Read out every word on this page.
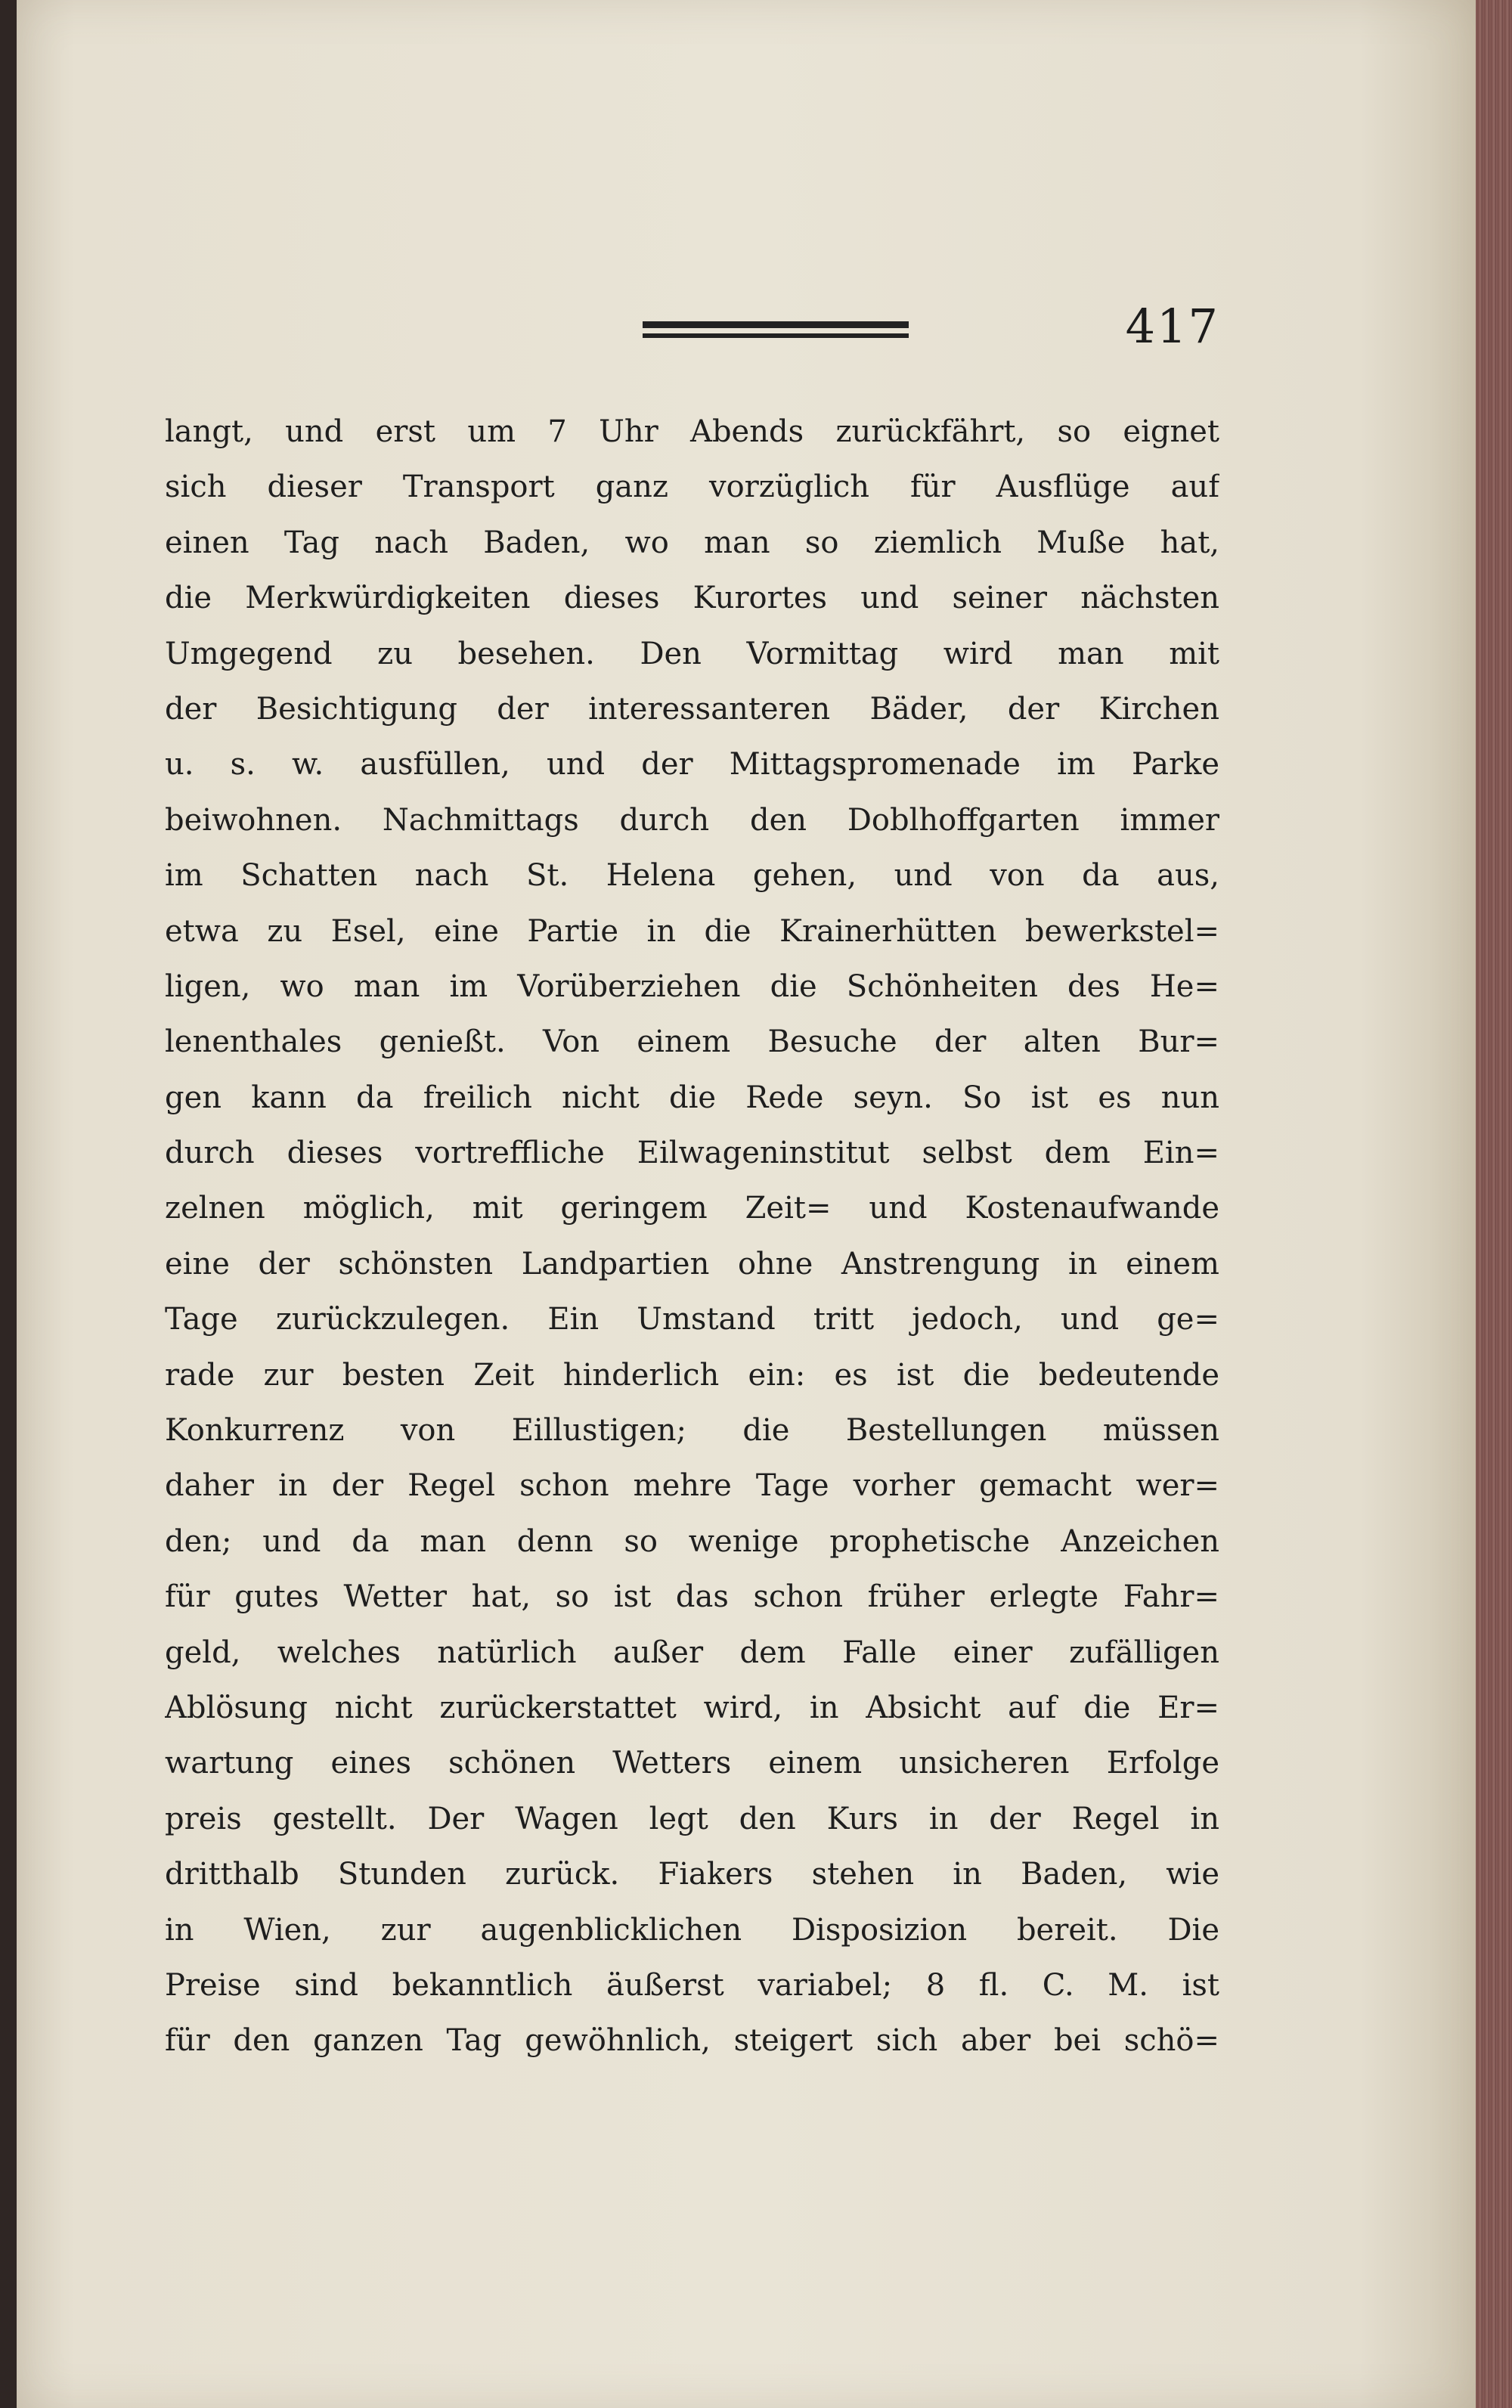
417
langt, und erst um 7 Uhr Abends zurückfährt, so eignet
sich dieser Transport ganz vorzüglich für Ausflüge auf
einen Tag nach Baden, wo man so ziemlich Muße hat,
die Merkwürdigkeiten dieses Kurortes und seiner nächsten
Umgegend zu besehen. Den Vormittag wird man mit
der Besichtigung der interessanteren Bäder, der Kirchen
u. s. w. ausfüllen, und der Mittagspromenade im Parke
beiwohnen. Nachmittags durch den Doblhoffgarten immer
im Schatten nach St. Helena gehen, und von da aus,
etwa zu Esel, eine Partie in die Krainerhütten bewerkstel=
ligen, wo man im Vorüberziehen die Schönheiten des He=
lenenthales genießt. Von einem Besuche der alten Bur=
gen kann da freilich nicht die Rede seyn. So ist es nun
durch dieses vortreffliche Eilwageninstitut selbst dem Ein=
zelnen möglich, mit geringem Zeit= und Kostenaufwande
eine der schönsten Landpartien ohne Anstrengung in einem
Tage zurückzulegen. Ein Umstand tritt jedoch, und ge=
rade zur besten Zeit hinderlich ein: es ist die bedeutende
Konkurrenz von Eillustigen; die Bestellungen müssen
daher in der Regel schon mehre Tage vorher gemacht wer=
den; und da man denn so wenige prophetische Anzeichen
für gutes Wetter hat, so ist das schon früher erlegte Fahr=
geld, welches natürlich außer dem Falle einer zufälligen
Ablösung nicht zurückerstattet wird, in Absicht auf die Er=
wartung eines schönen Wetters einem unsicheren Erfolge
preis gestellt. Der Wagen legt den Kurs in der Regel in
dritthalb Stunden zurück. Fiakers stehen in Baden, wie
in Wien, zur augenblicklichen Disposizion bereit. Die
Preise sind bekanntlich äußerst variabel; 8 fl. C. M. ist
für den ganzen Tag gewöhnlich, steigert sich aber bei schö=
